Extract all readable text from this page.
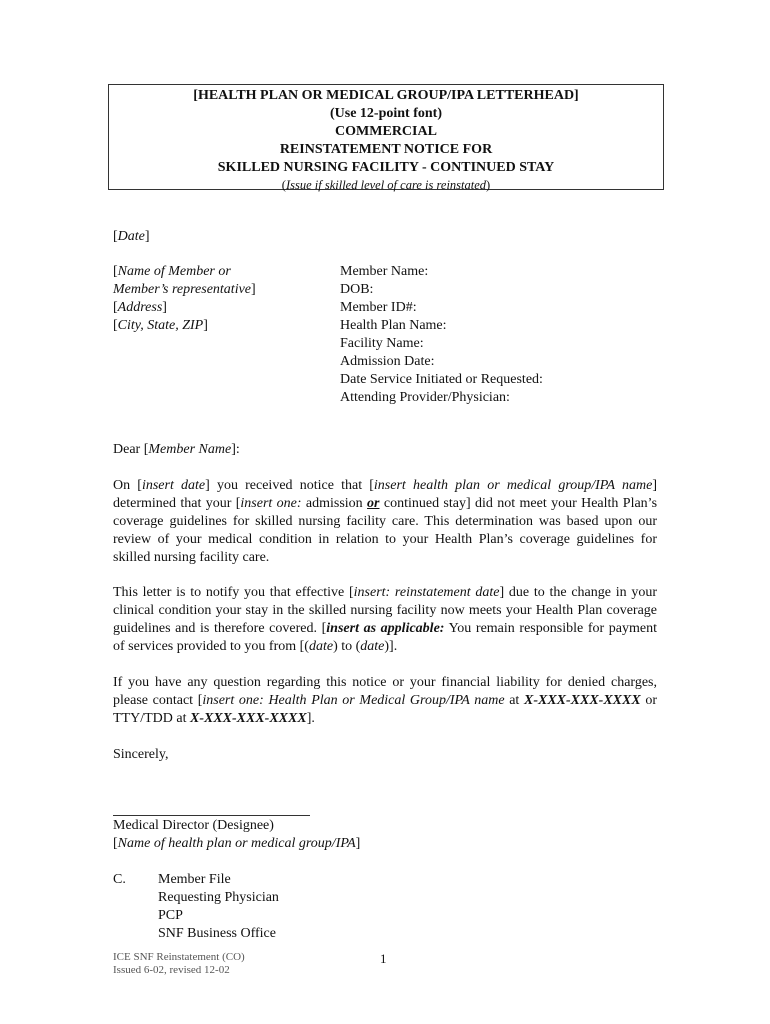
[HEALTH PLAN OR MEDICAL GROUP/IPA LETTERHEAD]
(Use 12-point font)
COMMERCIAL
REINSTATEMENT NOTICE FOR
SKILLED NURSING FACILITY - CONTINUED STAY
(Issue if skilled level of care is reinstated)
[Date]
[Name of Member or
Member’s representative]
[Address]
[City, State, ZIP]
Member Name:
DOB:
Member ID#:
Health Plan Name:
Facility Name:
Admission Date:
Date Service Initiated or Requested:
Attending Provider/Physician:
Dear [Member Name]:
On [insert date] you received notice that [insert health plan or medical group/IPA name] determined that your [insert one: admission or continued stay] did not meet your Health Plan’s coverage guidelines for skilled nursing facility care. This determination was based upon our review of your medical condition in relation to your Health Plan’s coverage guidelines for skilled nursing facility care.
This letter is to notify you that effective [insert: reinstatement date] due to the change in your clinical condition your stay in the skilled nursing facility now meets your Health Plan coverage guidelines and is therefore covered. [insert as applicable: You remain responsible for payment of services provided to you from [(date) to (date)].
If you have any question regarding this notice or your financial liability for denied charges, please contact [insert one: Health Plan or Medical Group/IPA name at X-XXX-XXX-XXXX or TTY/TDD at X-XXX-XXX-XXXX].
Sincerely,
Medical Director (Designee)
[Name of health plan or medical group/IPA]
C. Member File
Requesting Physician
PCP
SNF Business Office
ICE SNF Reinstatement (CO)
Issued 6-02, revised 12-02
1
